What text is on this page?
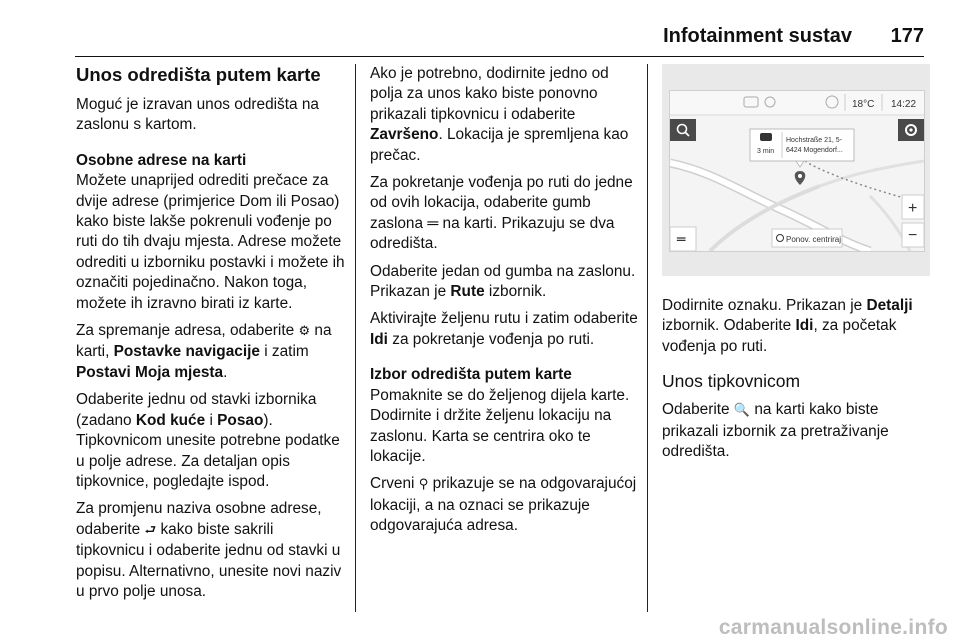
Infotainment sustav 177
Unos odredišta putem karte

Moguć je izravan unos odredišta na zaslonu s kartom.

Osobne adrese na karti

Možete unaprijed odrediti prečace za dvije adrese (primjerice Dom ili Posao) kako biste lakše pokrenuli vođenje po ruti do tih dvaju mjesta. Adrese možete odrediti u izborniku postavki i možete ih označiti pojedinačno. Nakon toga, možete ih izravno birati iz karte.

Za spremanje adresa, odaberite ⚙ na karti, Postavke navigacije i zatim Postavi Moja mjesta.

Odaberite jednu od stavki izbornika (zadano Kod kuće i Posao). Tipkovnicom unesite potrebne podatke u polje adrese. Za detaljan opis tipkovnice, pogledajte ispod.

Za promjenu naziva osobne adrese, odaberite ⮐ kako biste sakrili tipkovnicu i odaberite jednu od stavki u popisu. Alternativno, unesite novi naziv u prvo polje unosa.

Ako je potrebno, dodirnite jedno od polja za unos kako biste ponovno prikazali tipkovnicu i odaberite Završeno. Lokacija je spremljena kao prečac.

Za pokretanje vođenja po ruti do jedne od ovih lokacija, odaberite gumb zaslona ═ na karti. Prikazuju se dva odredišta.

Odaberite jedan od gumba na zaslonu. Prikazan je Rute izbornik.

Aktivirajte željenu rutu i zatim odaberite Idi za pokretanje vođenja po ruti.

Izbor odredišta putem karte

Pomaknite se do željenog dijela karte. Dodirnite i držite željenu lokaciju na zaslonu. Karta se centrira oko te lokacije.

Crveni ⚲ prikazuje se na odgovarajućoj lokaciji, a na oznaci se prikazuje odgovarajuća adresa.

18°C 14:22
3 min
Hochstraße 21, 5-
6424 Mogendorf...
+
−
═	Ponov. centriraj

Dodirnite oznaku. Prikazan je Detalji izbornik. Odaberite Idi, za početak vođenja po ruti.

Unos tipkovnicom

Odaberite 🔍 na karti kako biste prikazali izbornik za pretraživanje odredišta.

carmanualsonline.info
